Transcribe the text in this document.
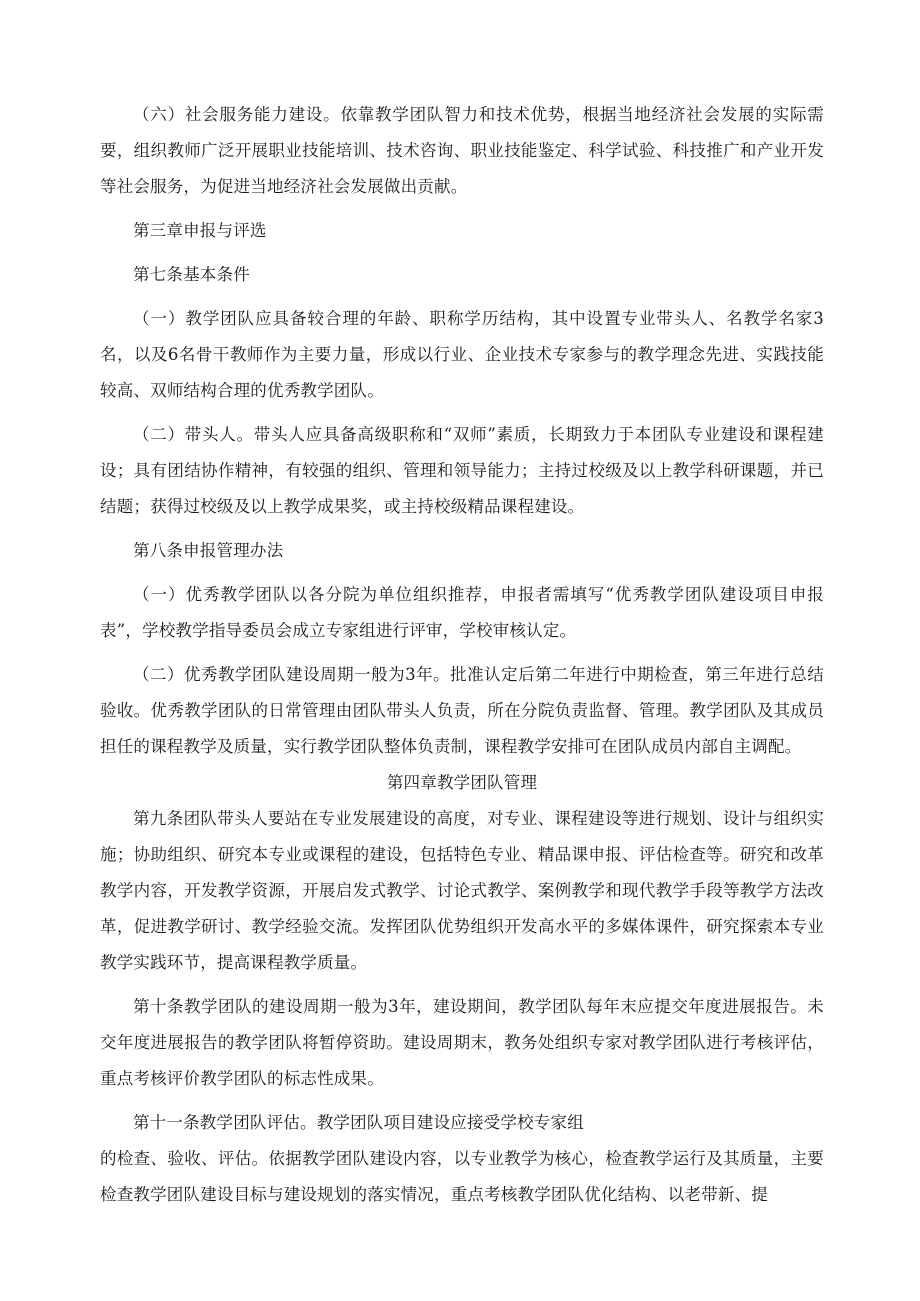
（六）社会服务能力建设。依靠教学团队智力和技术优势，根据当地经济社会发展的实际需要，组织教师广泛开展职业技能培训、技术咨询、职业技能鉴定、科学试验、科技推广和产业开发等社会服务，为促进当地经济社会发展做出贡献。

第三章申报与评选

第七条基本条件

（一）教学团队应具备较合理的年龄、职称学历结构，其中设置专业带头人、名教学名家3名，以及6名骨干教师作为主要力量，形成以行业、企业技术专家参与的教学理念先进、实践技能较高、双师结构合理的优秀教学团队。

（二）带头人。带头人应具备高级职称和“双师”素质，长期致力于本团队专业建设和课程建设；具有团结协作精神，有较强的组织、管理和领导能力；主持过校级及以上教学科研课题，并已结题；获得过校级及以上教学成果奖，或主持校级精品课程建设。

第八条申报管理办法

（一）优秀教学团队以各分院为单位组织推荐，申报者需填写“优秀教学团队建设项目申报表”，学校教学指导委员会成立专家组进行评审，学校审核认定。

（二）优秀教学团队建设周期一般为3年。批准认定后第二年进行中期检查，第三年进行总结验收。优秀教学团队的日常管理由团队带头人负责，所在分院负责监督、管理。教学团队及其成员担任的课程教学及质量，实行教学团队整体负责制，课程教学安排可在团队成员内部自主调配。

第四章教学团队管理

第九条团队带头人要站在专业发展建设的高度，对专业、课程建设等进行规划、设计与组织实施；协助组织、研究本专业或课程的建设，包括特色专业、精品课申报、评估检查等。研究和改革教学内容，开发教学资源，开展启发式教学、讨论式教学、案例教学和现代教学手段等教学方法改革，促进教学研讨、教学经验交流。发挥团队优势组织开发高水平的多媒体课件，研究探索本专业教学实践环节，提高课程教学质量。

第十条教学团队的建设周期一般为3年，建设期间，教学团队每年末应提交年度进展报告。未交年度进展报告的教学团队将暂停资助。建设周期末，教务处组织专家对教学团队进行考核评估，重点考核评价教学团队的标志性成果。

第十一条教学团队评估。教学团队项目建设应接受学校专家组

的检查、验收、评估。依据教学团队建设内容，以专业教学为核心，检查教学运行及其质量，主要检查教学团队建设目标与建设规划的落实情况，重点考核教学团队优化结构、以老带新、提
